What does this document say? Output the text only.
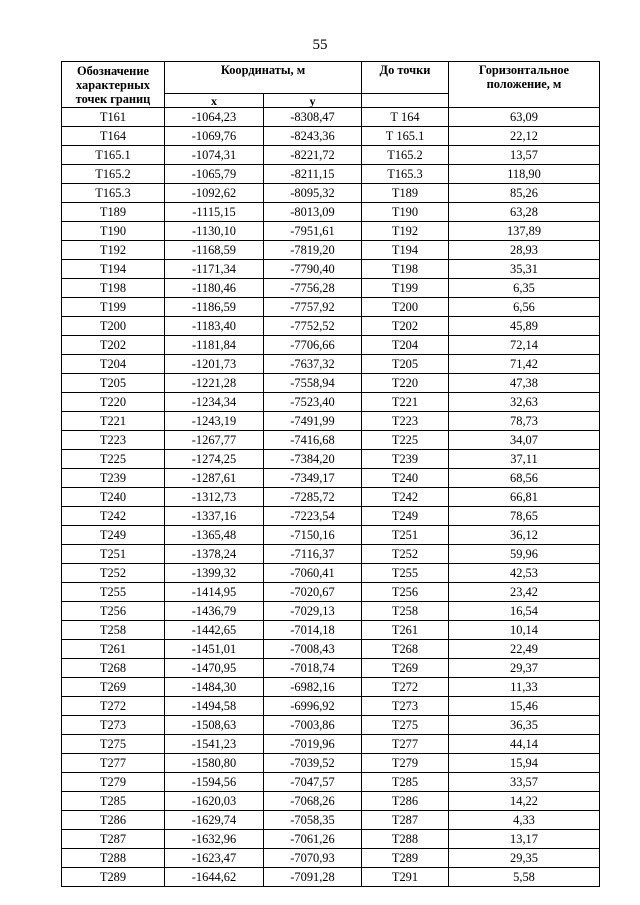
55
Обозначение характерных точек границ	Координаты, м		До точки	Горизонтальное положение, м
	x	y		
Т161	-1064,23	-8308,47	Т 164	63,09
Т164	-1069,76	-8243,36	Т 165.1	22,12
Т165.1	-1074,31	-8221,72	Т165.2	13,57
Т165.2	-1065,79	-8211,15	Т165.3	118,90
Т165.3	-1092,62	-8095,32	Т189	85,26
Т189	-1115,15	-8013,09	Т190	63,28
Т190	-1130,10	-7951,61	Т192	137,89
Т192	-1168,59	-7819,20	Т194	28,93
Т194	-1171,34	-7790,40	Т198	35,31
Т198	-1180,46	-7756,28	Т199	6,35
Т199	-1186,59	-7757,92	Т200	6,56
Т200	-1183,40	-7752,52	Т202	45,89
Т202	-1181,84	-7706,66	Т204	72,14
Т204	-1201,73	-7637,32	Т205	71,42
Т205	-1221,28	-7558,94	Т220	47,38
Т220	-1234,34	-7523,40	Т221	32,63
Т221	-1243,19	-7491,99	Т223	78,73
Т223	-1267,77	-7416,68	Т225	34,07
Т225	-1274,25	-7384,20	Т239	37,11
Т239	-1287,61	-7349,17	Т240	68,56
Т240	-1312,73	-7285,72	Т242	66,81
Т242	-1337,16	-7223,54	Т249	78,65
Т249	-1365,48	-7150,16	Т251	36,12
Т251	-1378,24	-7116,37	Т252	59,96
Т252	-1399,32	-7060,41	Т255	42,53
Т255	-1414,95	-7020,67	Т256	23,42
Т256	-1436,79	-7029,13	Т258	16,54
Т258	-1442,65	-7014,18	Т261	10,14
Т261	-1451,01	-7008,43	Т268	22,49
Т268	-1470,95	-7018,74	Т269	29,37
Т269	-1484,30	-6982,16	Т272	11,33
Т272	-1494,58	-6996,92	Т273	15,46
Т273	-1508,63	-7003,86	Т275	36,35
Т275	-1541,23	-7019,96	Т277	44,14
Т277	-1580,80	-7039,52	Т279	15,94
Т279	-1594,56	-7047,57	Т285	33,57
Т285	-1620,03	-7068,26	Т286	14,22
Т286	-1629,74	-7058,35	Т287	4,33
Т287	-1632,96	-7061,26	Т288	13,17
Т288	-1623,47	-7070,93	Т289	29,35
Т289	-1644,62	-7091,28	Т291	5,58
